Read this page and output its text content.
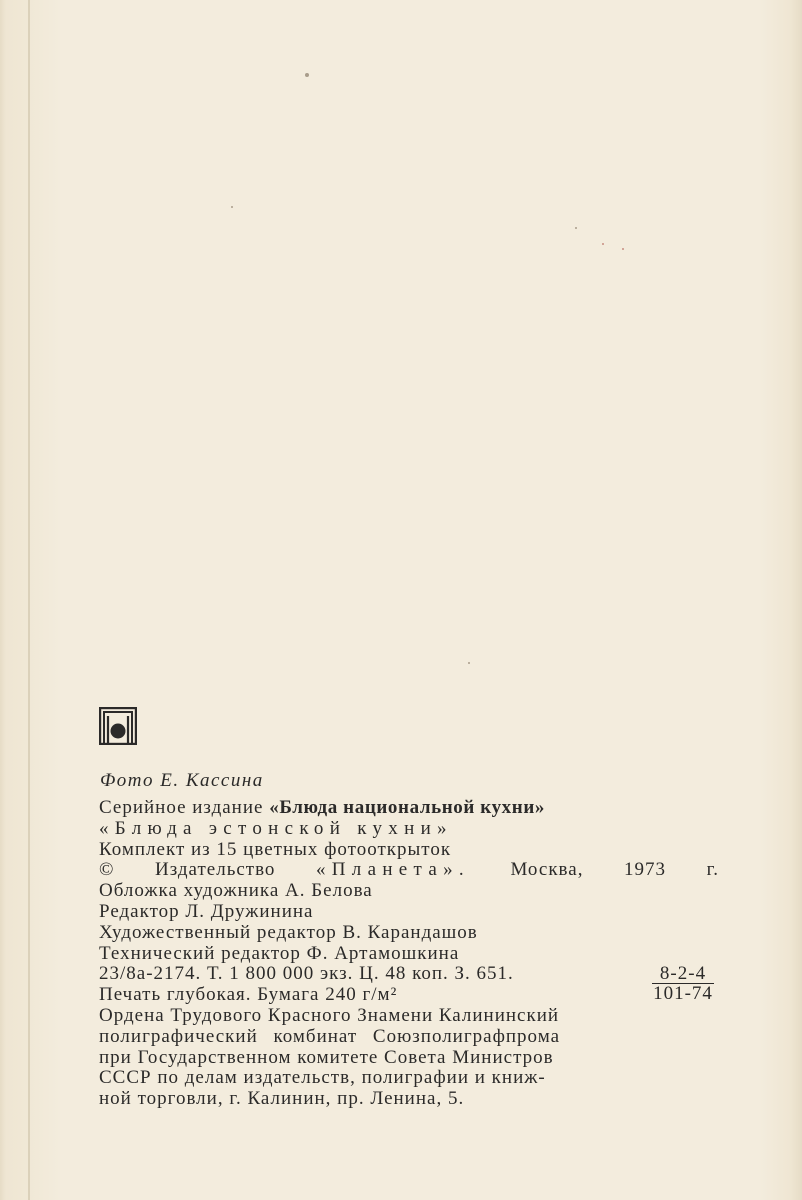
Фото Е. Кассина
Серийное издание «Блюда национальной кухни»
«Блюда эстонской кухни»
Комплект из 15 цветных фотооткрыток
© Издательство «Планета». Москва, 1973 г.
Обложка художника А. Белова
Редактор Л. Дружинина
Художественный редактор В. Карандашов
Технический редактор Ф. Артамошкина
23/8а-2174. Т. 1 800 000 экз. Ц. 48 коп. З. 651.	8-2-4
Печать глубокая. Бумага 240 г/м²	101-74
Ордена Трудового Красного Знамени Калининский
полиграфический комбинат Союзполиграфпрома
при Государственном комитете Совета Министров
СССР по делам издательств, полиграфии и книж-
ной торговли, г. Калинин, пр. Ленина, 5.
